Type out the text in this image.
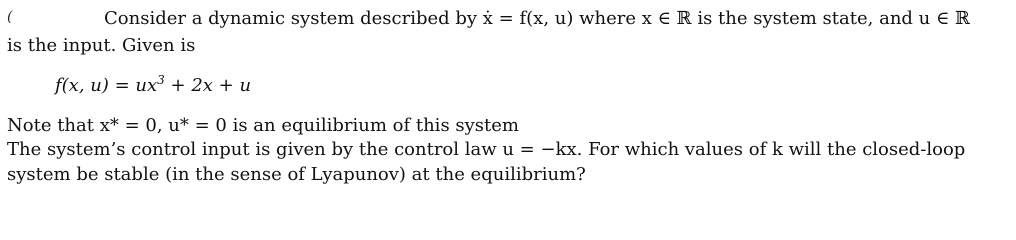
(	Consider a dynamic system described by ẋ = f(x, u) where x ∈ ℝ is the system state, and u ∈ ℝ
is the input. Given is
f(x, $u) = ux^3 + 2x + u$
Note that x* = 0, u* = 0 is an equilibrium of this system
The system’s control input is given by the control law u = −kx. For which values of k will the closed-loop
system be stable (in the sense of Lyapunov) at the equilibrium?
